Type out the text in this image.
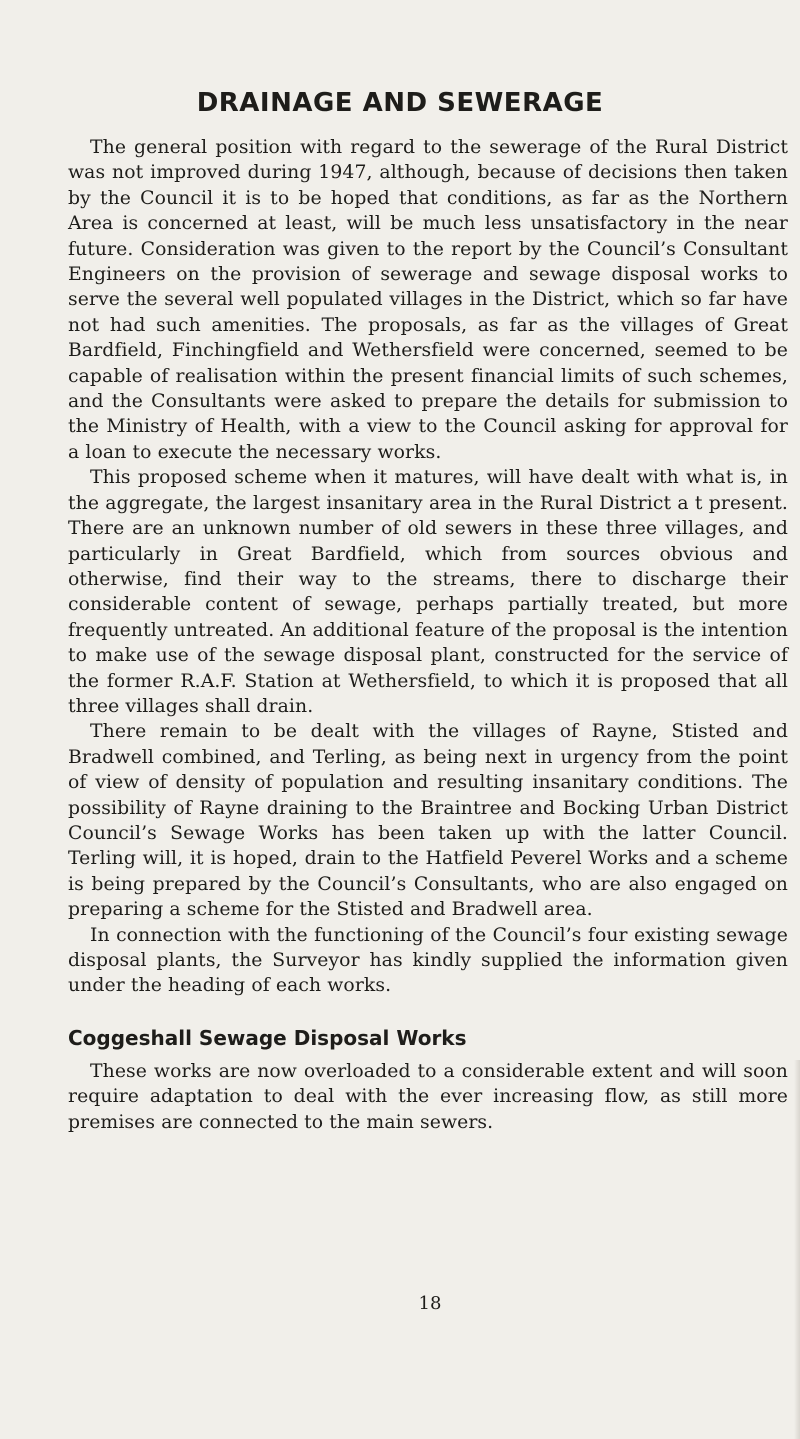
DRAINAGE AND SEWERAGE

The general position with regard to the sewerage of the Rural District was not improved during 1947, although, because of decisions then taken by the Council it is to be hoped that conditions, as far as the Northern Area is concerned at least, will be much less unsatisfactory in the near future. Consideration was given to the report by the Council’s Consultant Engineers on the provision of sewerage and sewage disposal works to serve the several well populated villages in the District, which so far have not had such amenities. The proposals, as far as the villages of Great Bardfield, Finchingfield and Wethersfield were concerned, seemed to be capable of realisation within the present financial limits of such schemes, and the Consultants were asked to prepare the details for submission to the Ministry of Health, with a view to the Council asking for approval for a loan to execute the necessary works.

This proposed scheme when it matures, will have dealt with what is, in the aggregate, the largest insanitary area in the Rural District a t present. There are an unknown number of old sewers in these three villages, and particularly in Great Bardfield, which from sources obvious and otherwise, find their way to the streams, there to discharge their considerable content of sewage, perhaps partially treated, but more frequently untreated. An additional feature of the proposal is the intention to make use of the sewage disposal plant, constructed for the service of the former R.A.F. Station at Wethersfield, to which it is proposed that all three villages shall drain.

There remain to be dealt with the villages of Rayne, Stisted and Bradwell combined, and Terling, as being next in urgency from the point of view of density of population and resulting insanitary conditions. The possibility of Rayne draining to the Braintree and Bocking Urban District Council’s Sewage Works has been taken up with the latter Council. Terling will, it is hoped, drain to the Hatfield Peverel Works and a scheme is being prepared by the Council’s Consultants, who are also engaged on preparing a scheme for the Stisted and Bradwell area.

In connection with the functioning of the Council’s four existing sewage disposal plants, the Surveyor has kindly supplied the information given under the heading of each works.

Coggeshall Sewage Disposal Works

These works are now overloaded to a considerable extent and will soon require adaptation to deal with the ever increasing flow, as still more premises are connected to the main sewers.

18
